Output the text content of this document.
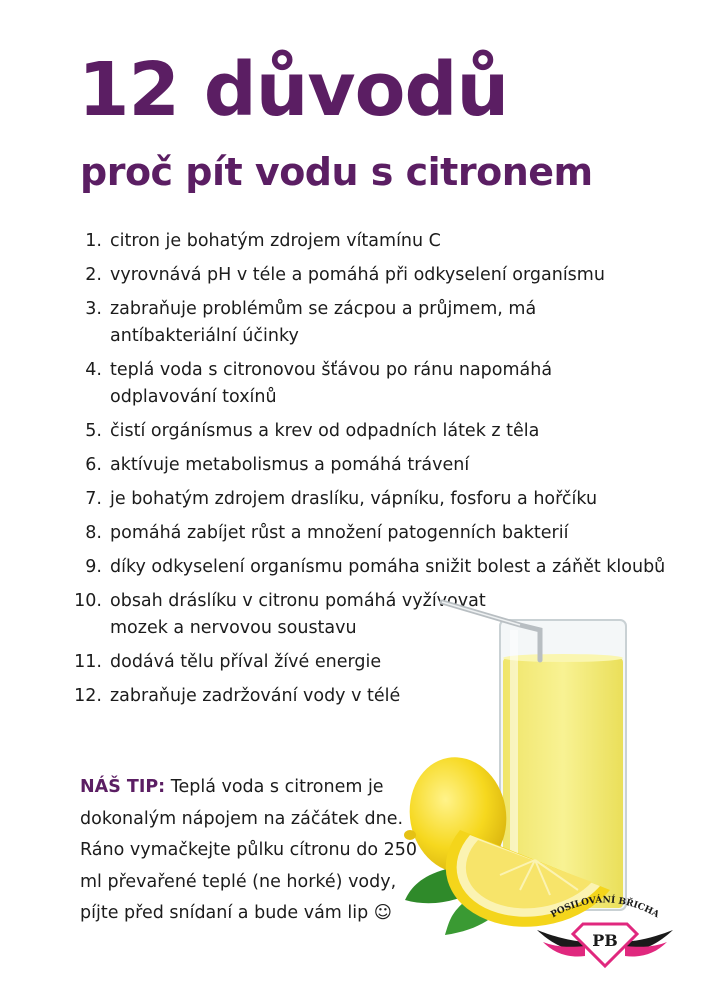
12 důvodů
proč pít vodu s citronem
1. citron je bohatým zdrojem vítamínu C
2. vyrovnává pH v téle a pomáhá při odkyselení organísmu
3. zabraňuje problémům se zácpou a průjmem, má antíbakteriální účinky
4. teplá voda s citronovou šťávou po ránu napomáhá odplavování toxínů
5. čistí orgánísmus a krev od odpadních látek z têla
6. aktívuje metabolismus a pomáhá trávení
7. je bohatým zdrojem draslíku, vápníku, fosforu a hořčíku
8. pomáhá zabíjet růst a množení patogenních bakterií
9. díky odkyselení organísmu pomáha snižit bolest a záňět kloubů
10. obsah dráslíku v citronu pomáhá vyžívovat mozek a nervovou soustavu
11. dodává tělu příval žívé energie
12. zabraňuje zadržování vody v télé

NÁŠ TIP: Teplá voda s citronem je dokonalým nápojem na záčátek dne. Ráno vymačkejte půlku cítronu do 250 ml převařené teplé (ne horké) vody, píjte před snídaní a bude vám lip ☺	POSILOVÁNÍ BŘICHA
PB
